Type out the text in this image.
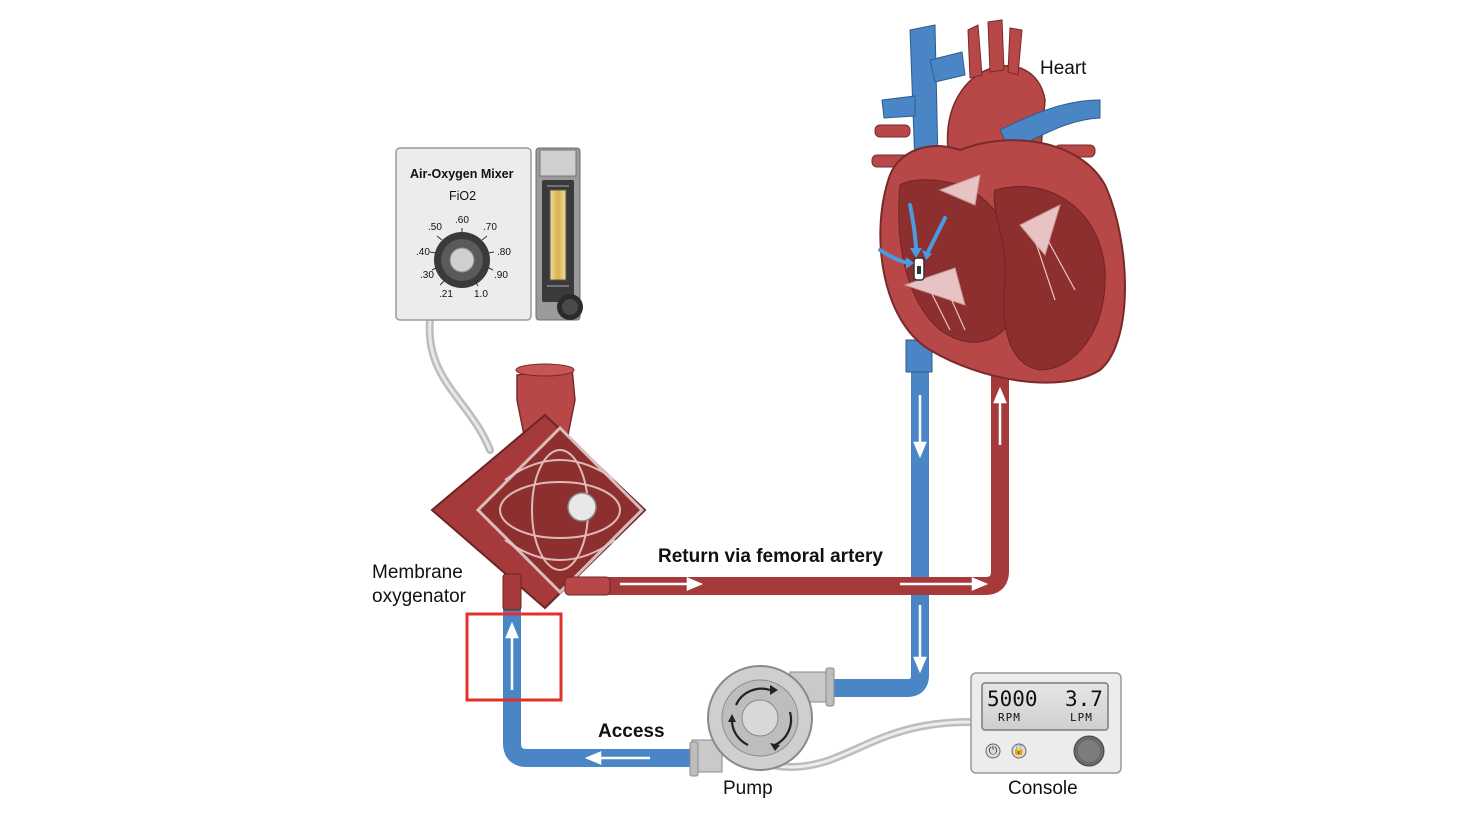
Heart
Membrane
oxygenator
Return via femoral artery
Access
Pump	Console
Air-Oxygen Mixer
FiO2
.21
.30
.40
.50
.60
.70
.80
.90
1.0
5000
RPM
3.7
LPM
⏻	🔓
